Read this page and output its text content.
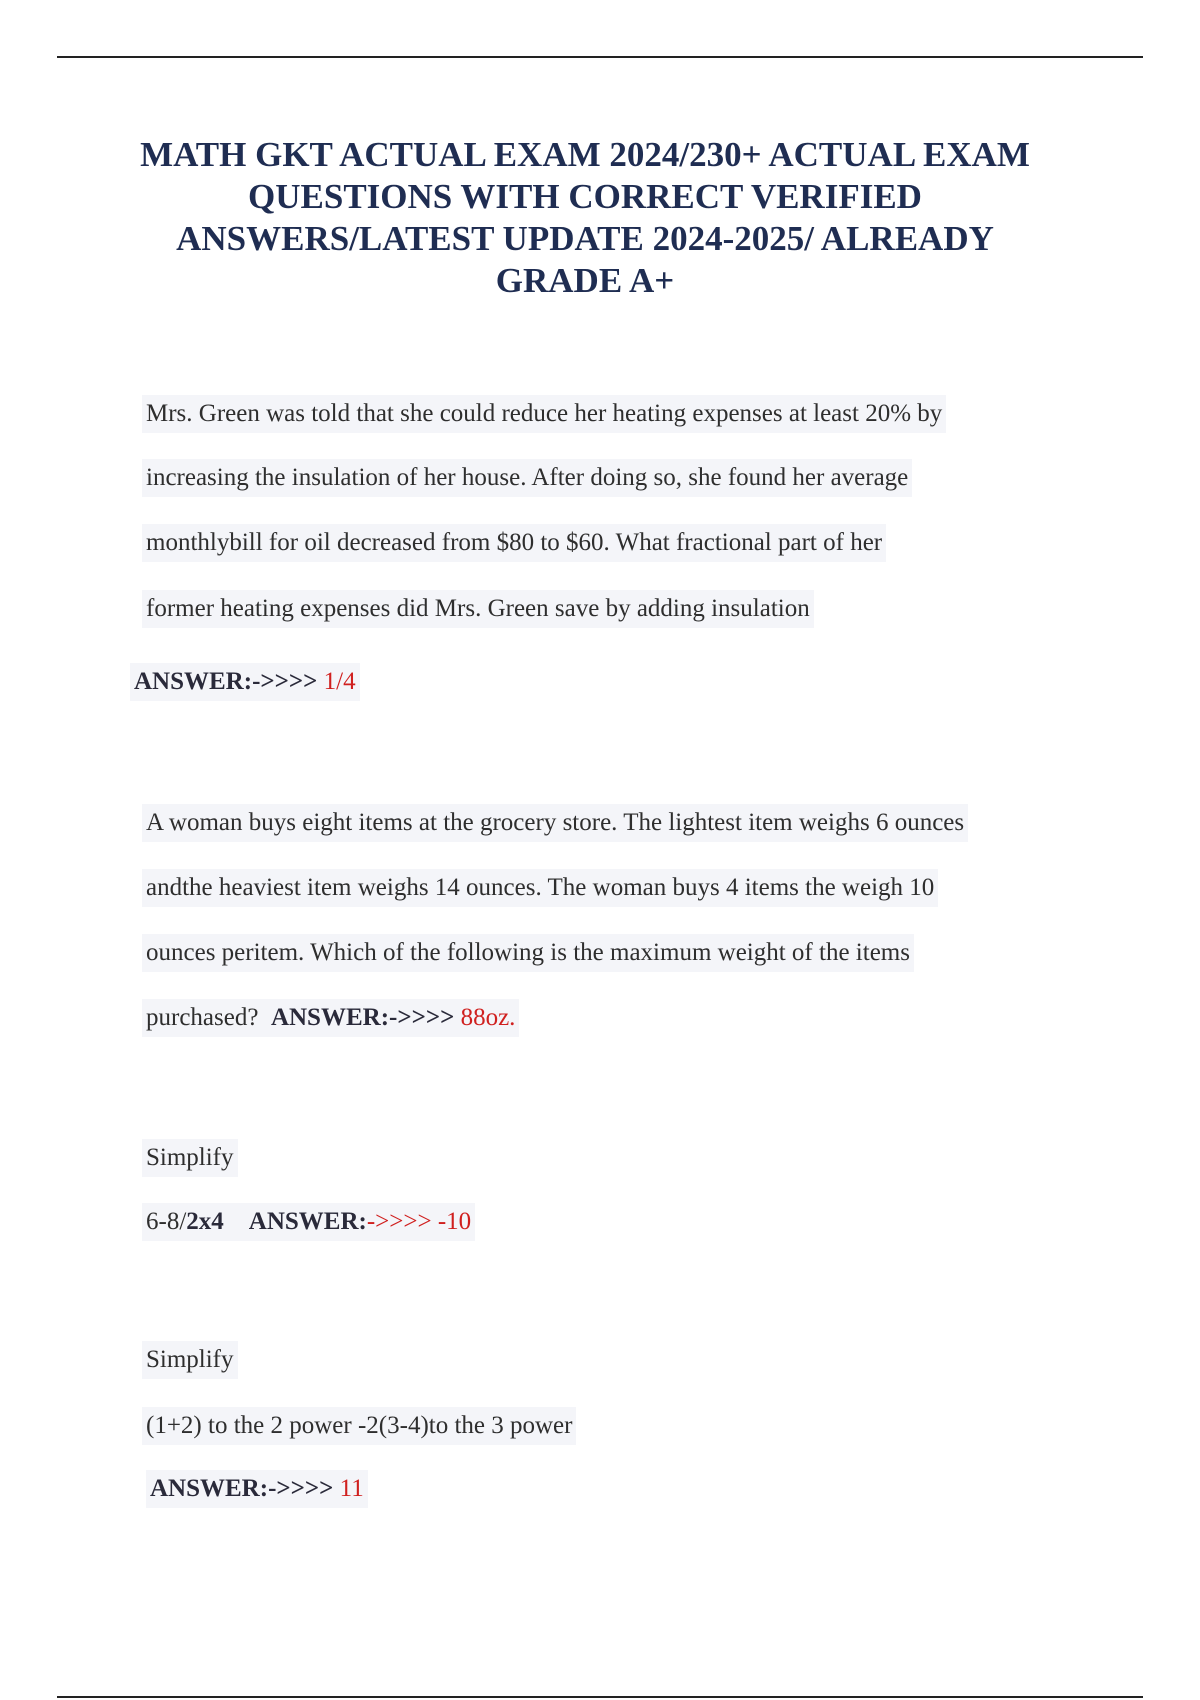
MATH GKT ACTUAL EXAM 2024/230+ ACTUAL EXAM QUESTIONS WITH CORRECT VERIFIED ANSWERS/LATEST UPDATE 2024-2025/ ALREADY GRADE A+
Mrs. Green was told that she could reduce her heating expenses at least 20% by
increasing the insulation of her house. After doing so, she found her average
monthlybill for oil decreased from $80 to $60. What fractional part of her
former heating expenses did Mrs. Green save by adding insulation
ANSWER:->>>> 1/4
A woman buys eight items at the grocery store. The lightest item weighs 6 ounces
andthe heaviest item weighs 14 ounces. The woman buys 4 items the weigh 10
ounces peritem. Which of the following is the maximum weight of the items
purchased? ANSWER:->>>> 88oz.
Simplify
6-8/2x4 ANSWER:->>>> -10
Simplify
(1+2) to the 2 power -2(3-4)to the 3 power
ANSWER:->>>> 11
